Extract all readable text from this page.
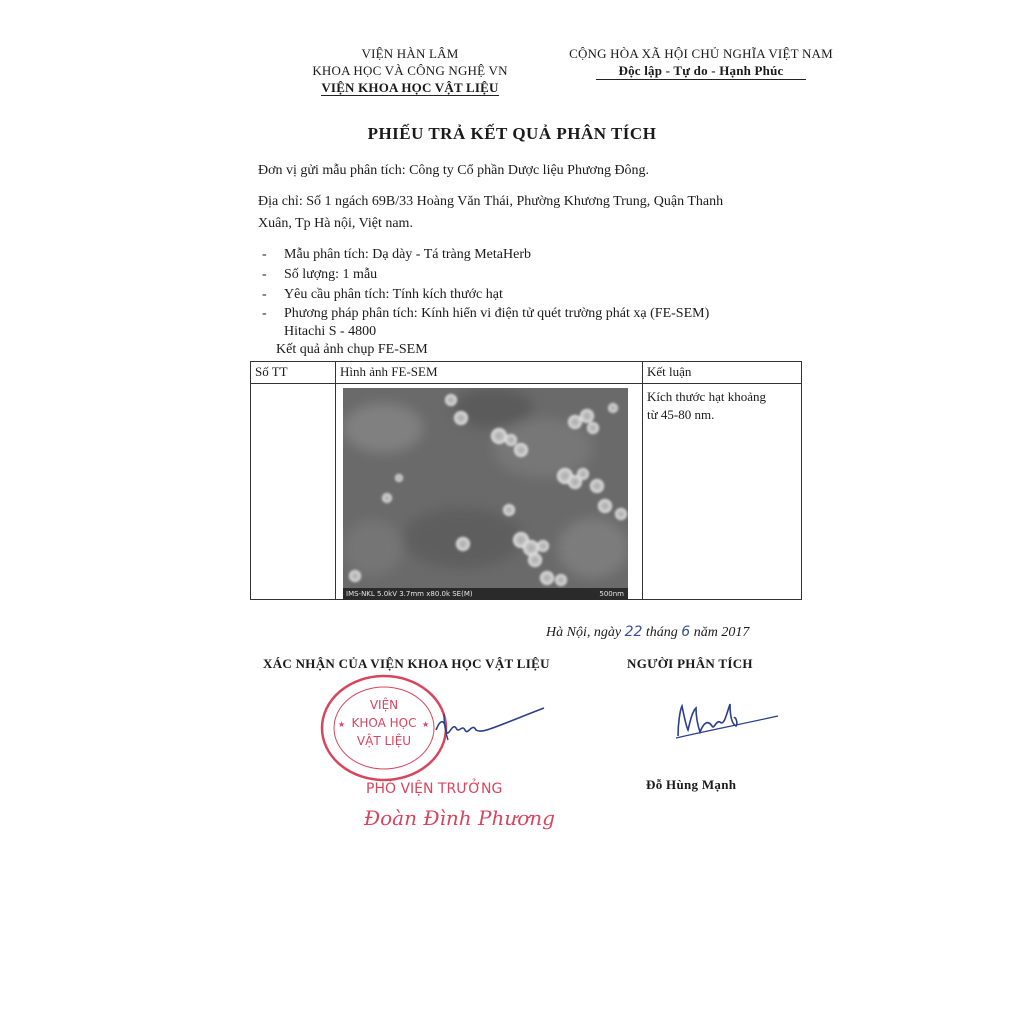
VIỆN HÀN LÂM
KHOA HỌC VÀ CÔNG NGHỆ VN
VIỆN KHOA HỌC VẬT LIỆU
CỘNG HÒA XÃ HỘI CHỦ NGHĨA VIỆT NAM
Độc lập - Tự do - Hạnh Phúc
PHIẾU TRẢ KẾT QUẢ PHÂN TÍCH
Đơn vị gửi mẫu phân tích: Công ty Cổ phần Dược liệu Phương Đông.
Địa chỉ: Số 1 ngách 69B/33 Hoàng Văn Thái, Phường Khương Trung, Quận Thanh
Xuân, Tp Hà nội, Việt nam.
- Mẫu phân tích: Dạ dày - Tá tràng MetaHerb
- Số lượng: 1 mẫu
- Yêu cầu phân tích: Tính kích thước hạt
- Phương pháp phân tích: Kính hiển vi điện tử quét trường phát xạ (FE-SEM)
Hitachi S - 4800
Kết quả ảnh chụp FE-SEM
Số TT	Hình ảnh FE-SEM	Kết luận

		Kích thước hạt khoảng
từ 45-80 nm.
IMS-NKL 5.0kV 3.7mm x80.0k SE(M)	500nm
Hà Nội, ngày 22 tháng 6 năm 2017
XÁC NHẬN CỦA VIỆN KHOA HỌC VẬT LIỆU	NGƯỜI PHÂN TÍCH
VIỆN
KHOA HỌC
VẬT LIỆU
★	★
PHÓ VIỆN TRƯỞNG
Đoàn Đình Phương
Đỗ Hùng Mạnh
